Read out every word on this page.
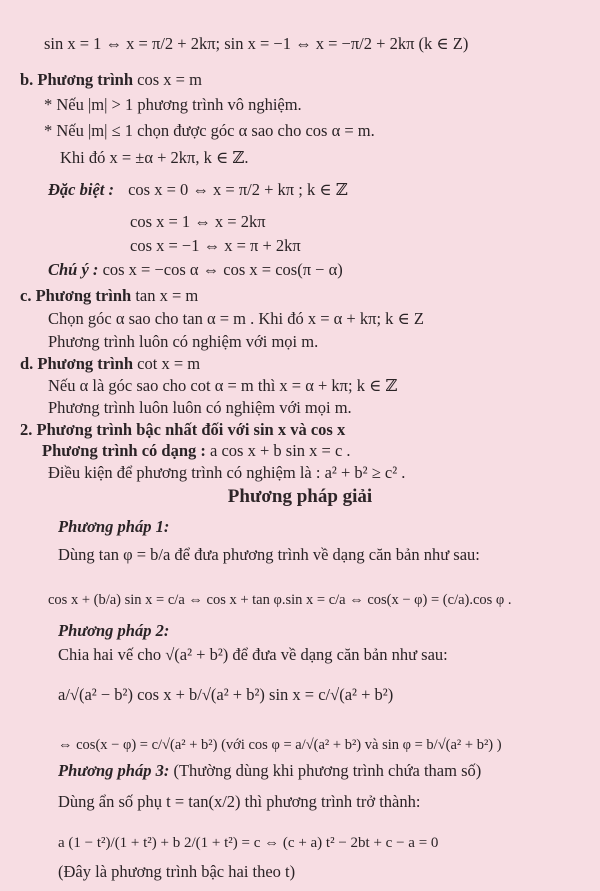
sin x = 1 ⇔ x = π/2 + 2kπ; sin x = −1 ⇔ x = −π/2 + 2kπ (k ∈ Z)
b. Phương trình cos x = m
* Nếu |m| > 1 phương trình vô nghiệm.
* Nếu |m| ≤ 1 chọn được góc α sao cho cos α = m.
Khi đó x = ±α + 2kπ, k ∈ ℤ.
Đặc biệt : cos x = 0 ⇔ x = π/2 + kπ ; k ∈ ℤ
cos x = 1 ⇔ x = 2kπ
cos x = −1 ⇔ x = π + 2kπ
Chú ý : cos x = −cos α ⇔ cos x = cos(π − α)
c. Phương trình tan x = m
Chọn góc α sao cho tan α = m . Khi đó x = α + kπ; k ∈ Z
Phương trình luôn có nghiệm với mọi m.
d. Phương trình cot x = m
Nếu α là góc sao cho cot α = m thì x = α + kπ; k ∈ ℤ
Phương trình luôn luôn có nghiệm với mọi m.
2. Phương trình bậc nhất đối với sin x và cos x
Phương trình có dạng : a cos x + b sin x = c .
Điều kiện để phương trình có nghiệm là : a² + b² ≥ c² .
Phương pháp giải
Phương pháp 1:
Dùng tan φ = b/a để đưa phương trình về dạng căn bản như sau:
cos x + (b/a) sin x = c/a ⇔ cos x + tan φ.sin x = c/a ⇔ cos(x − φ) = (c/a).cos φ .
Phương pháp 2:
Chia hai vế cho √(a² + b²) để đưa về dạng căn bản như sau:
a/√(a² − b²) cos x + b/√(a² + b²) sin x = c/√(a² + b²)
⇔ cos(x − φ) = c/√(a² + b²) (với cos φ = a/√(a² + b²) và sin φ = b/√(a² + b²) )
Phương pháp 3: (Thường dùng khi phương trình chứa tham số)
Dùng ẩn số phụ t = tan(x/2) thì phương trình trở thành:
a (1 − t²)/(1 + t²) + b 2/(1 + t²) = c ⇔ (c + a) t² − 2bt + c − a = 0
(Đây là phương trình bậc hai theo t)
